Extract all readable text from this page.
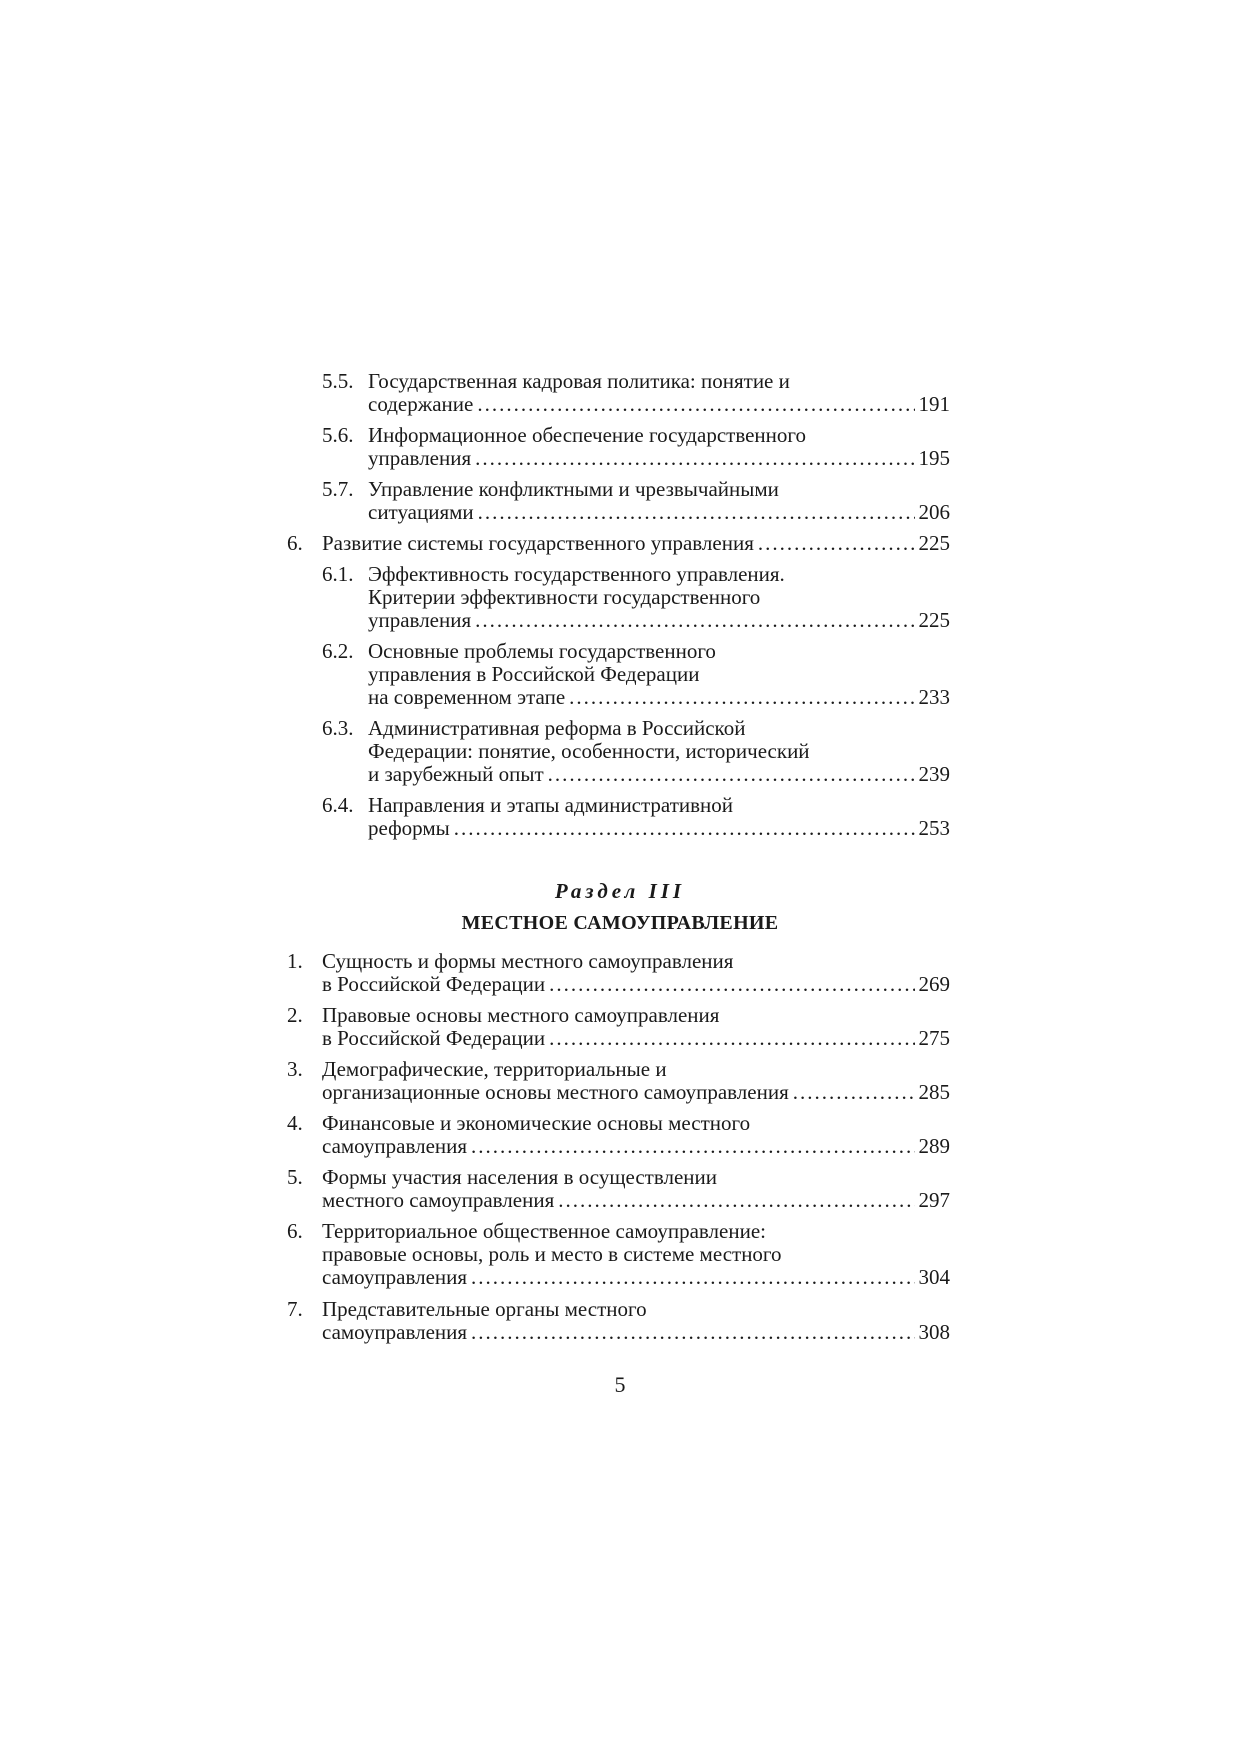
5.5. Государственная кадровая политика: понятие и
содержание .....	191
5.6. Информационное обеспечение государственного
управления .....	195
5.7. Управление конфликтными и чрезвычайными
ситуациями .....	206
6. Развитие системы государственного управления .....	225
6.1. Эффективность государственного управления.
Критерии эффективности государственного
управления .....	225
6.2. Основные проблемы государственного
управления в Российской Федерации
на современном этапе .....	233
6.3. Административная реформа в Российской
Федерации: понятие, особенности, исторический
и зарубежный опыт .....	239
6.4. Направления и этапы административной
реформы .....	253
Раздел III
МЕСТНОЕ САМОУПРАВЛЕНИЕ
1. Сущность и формы местного самоуправления
в Российской Федерации .....	269
2. Правовые основы местного самоуправления
в Российской Федерации .....	275
3. Демографические, территориальные и
организационные основы местного самоуправления .....	285
4. Финансовые и экономические основы местного
самоуправления .....	289
5. Формы участия населения в осуществлении
местного самоуправления .....	297
6. Территориальное общественное самоуправление:
правовые основы, роль и место в системе местного
самоуправления .....	304
7. Представительные органы местного
самоуправления .....	308
5
